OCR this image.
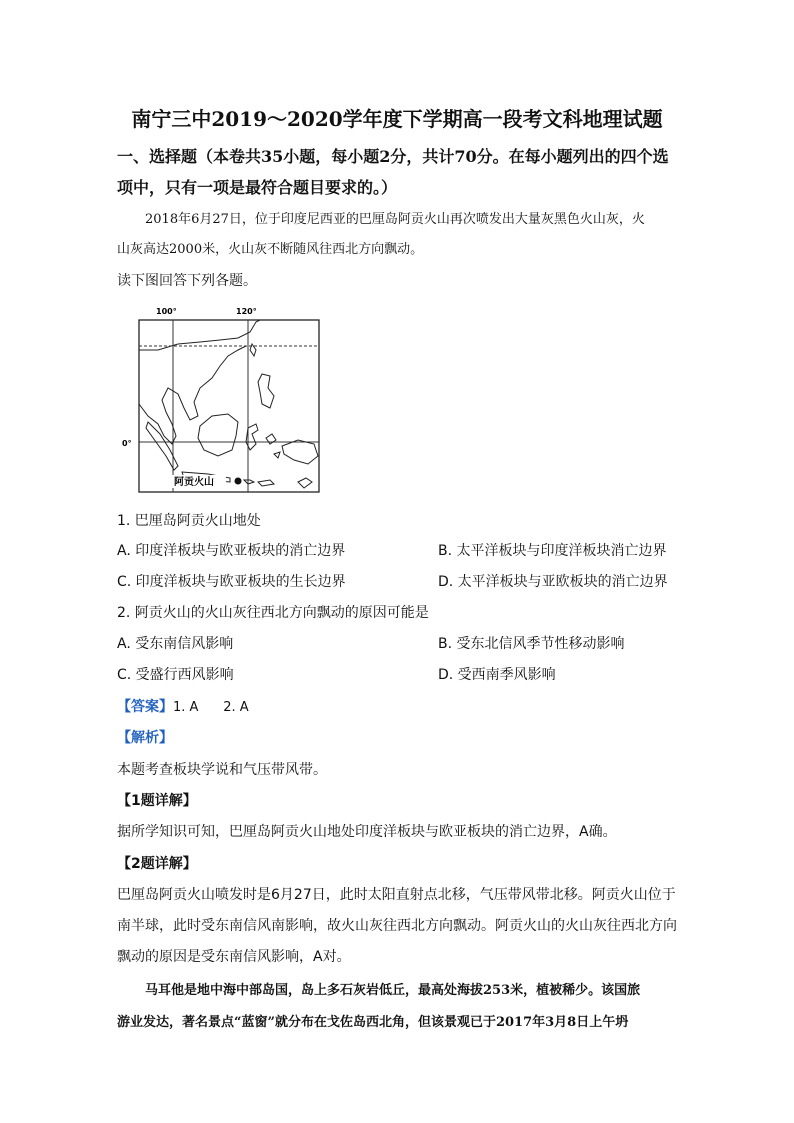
南宁三中2019～2020学年度下学期高一段考文科地理试题
一、选择题（本卷共35小题，每小题2分，共计70分。在每小题列出的四个选
项中，只有一项是最符合题目要求的。）
2018年6月27日，位于印度尼西亚的巴厘岛阿贡火山再次喷发出大量灰黑色火山灰，火
山灰高达2000米，火山灰不断随风往西北方向飘动。
读下图回答下列各题。
100°	120°
0°
阿贡火山
1. 巴厘岛阿贡火山地处
A. 印度洋板块与欧亚板块的消亡边界	B. 太平洋板块与印度洋板块消亡边界
C. 印度洋板块与欧亚板块的生长边界	D. 太平洋板块与亚欧板块的消亡边界
2. 阿贡火山的火山灰往西北方向飘动的原因可能是
A. 受东南信风影响	B. 受东北信风季节性移动影响
C. 受盛行西风影响	D. 受西南季风影响
【答案】1. A      2. A
【解析】
本题考查板块学说和气压带风带。
【1题详解】
据所学知识可知，巴厘岛阿贡火山地处印度洋板块与欧亚板块的消亡边界，A确。
【2题详解】
巴厘岛阿贡火山喷发时是6月27日，此时太阳直射点北移，气压带风带北移。阿贡火山位于
南半球，此时受东南信风南影响，故火山灰往西北方向飘动。阿贡火山的火山灰往西北方向
飘动的原因是受东南信风影响，A对。
马耳他是地中海中部岛国，岛上多石灰岩低丘，最高处海拔253米，植被稀少。该国旅
游业发达，著名景点“蓝窗”就分布在戈佐岛西北角，但该景观已于2017年3月8日上午坍
